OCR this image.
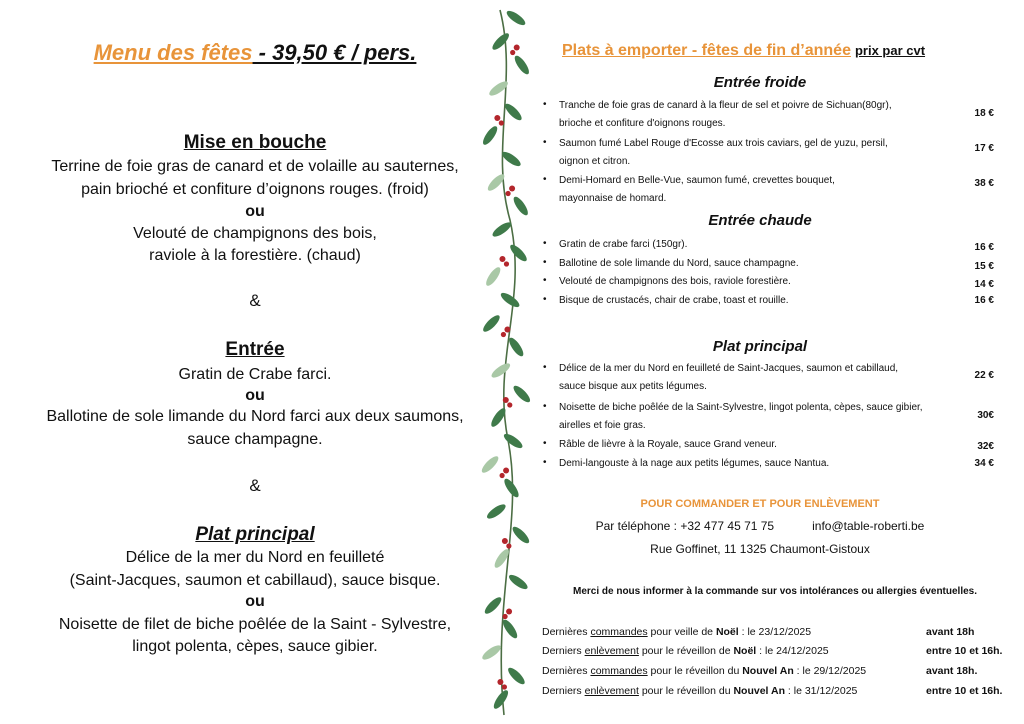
Menu des fêtes - 39,50 € / pers.
Mise en bouche
Terrine de foie gras de canard et de volaille au sauternes,
pain brioché et confiture d’oignons rouges. (froid)
ou
Velouté de champignons des bois,
raviole à la forestière. (chaud)
&
Entrée
Gratin de Crabe farci.
ou
Ballotine de sole limande du Nord farci aux deux saumons,
sauce champagne.
&
Plat principal
Délice de la mer du Nord en feuilleté
(Saint-Jacques, saumon et cabillaud), sauce bisque.
ou
Noisette de filet de biche poêlée de la Saint - Sylvestre,
lingot polenta, cèpes, sauce gibier.
Plats à emporter - fêtes de fin d’année prix par cvt
Entrée froide
• Tranche de foie gras de canard à la fleur de sel et poivre de Sichuan(80gr),
brioche et confiture d'oignons rouges.
18 €
• Saumon fumé Label Rouge d'Ecosse aux trois caviars, gel de yuzu, persil,
oignon et citron.
17 €
• Demi-Homard en Belle-Vue, saumon fumé, crevettes bouquet,
mayonnaise de homard.
38 €
Entrée chaude
• Gratin de crabe farci (150gr).	16 €
• Ballotine de sole limande du Nord, sauce champagne.	15 €
• Velouté de champignons des bois, raviole forestière.	14 €
• Bisque de crustacés, chair de crabe, toast et rouille.	16 €
Plat principal
• Délice de la mer du Nord en feuilleté de Saint-Jacques, saumon et cabillaud,
sauce bisque aux petits légumes.
22 €
• Noisette de biche poêlée de la Saint-Sylvestre, lingot polenta, cèpes, sauce gibier,
airelles et foie gras.
30€
• Râble de lièvre à la Royale, sauce Grand veneur.	32€
• Demi-langouste à la nage aux petits légumes, sauce Nantua.	34 €
POUR COMMANDER ET POUR ENLÈVEMENT
Par téléphone : +32 477 45 71 75	info@table-roberti.be
Rue Goffinet, 11 1325 Chaumont-Gistoux
Merci de nous informer à la commande sur vos intolérances ou allergies éventuelles.
Dernières commandes pour veille de Noël : le 23/12/2025	avant 18h
Derniers enlèvement pour le réveillon de Noël : le 24/12/2025	entre 10 et 16h.
Dernières commandes pour le réveillon du Nouvel An : le 29/12/2025	avant 18h.
Derniers enlèvement pour le réveillon du Nouvel An : le 31/12/2025	entre 10 et 16h.
